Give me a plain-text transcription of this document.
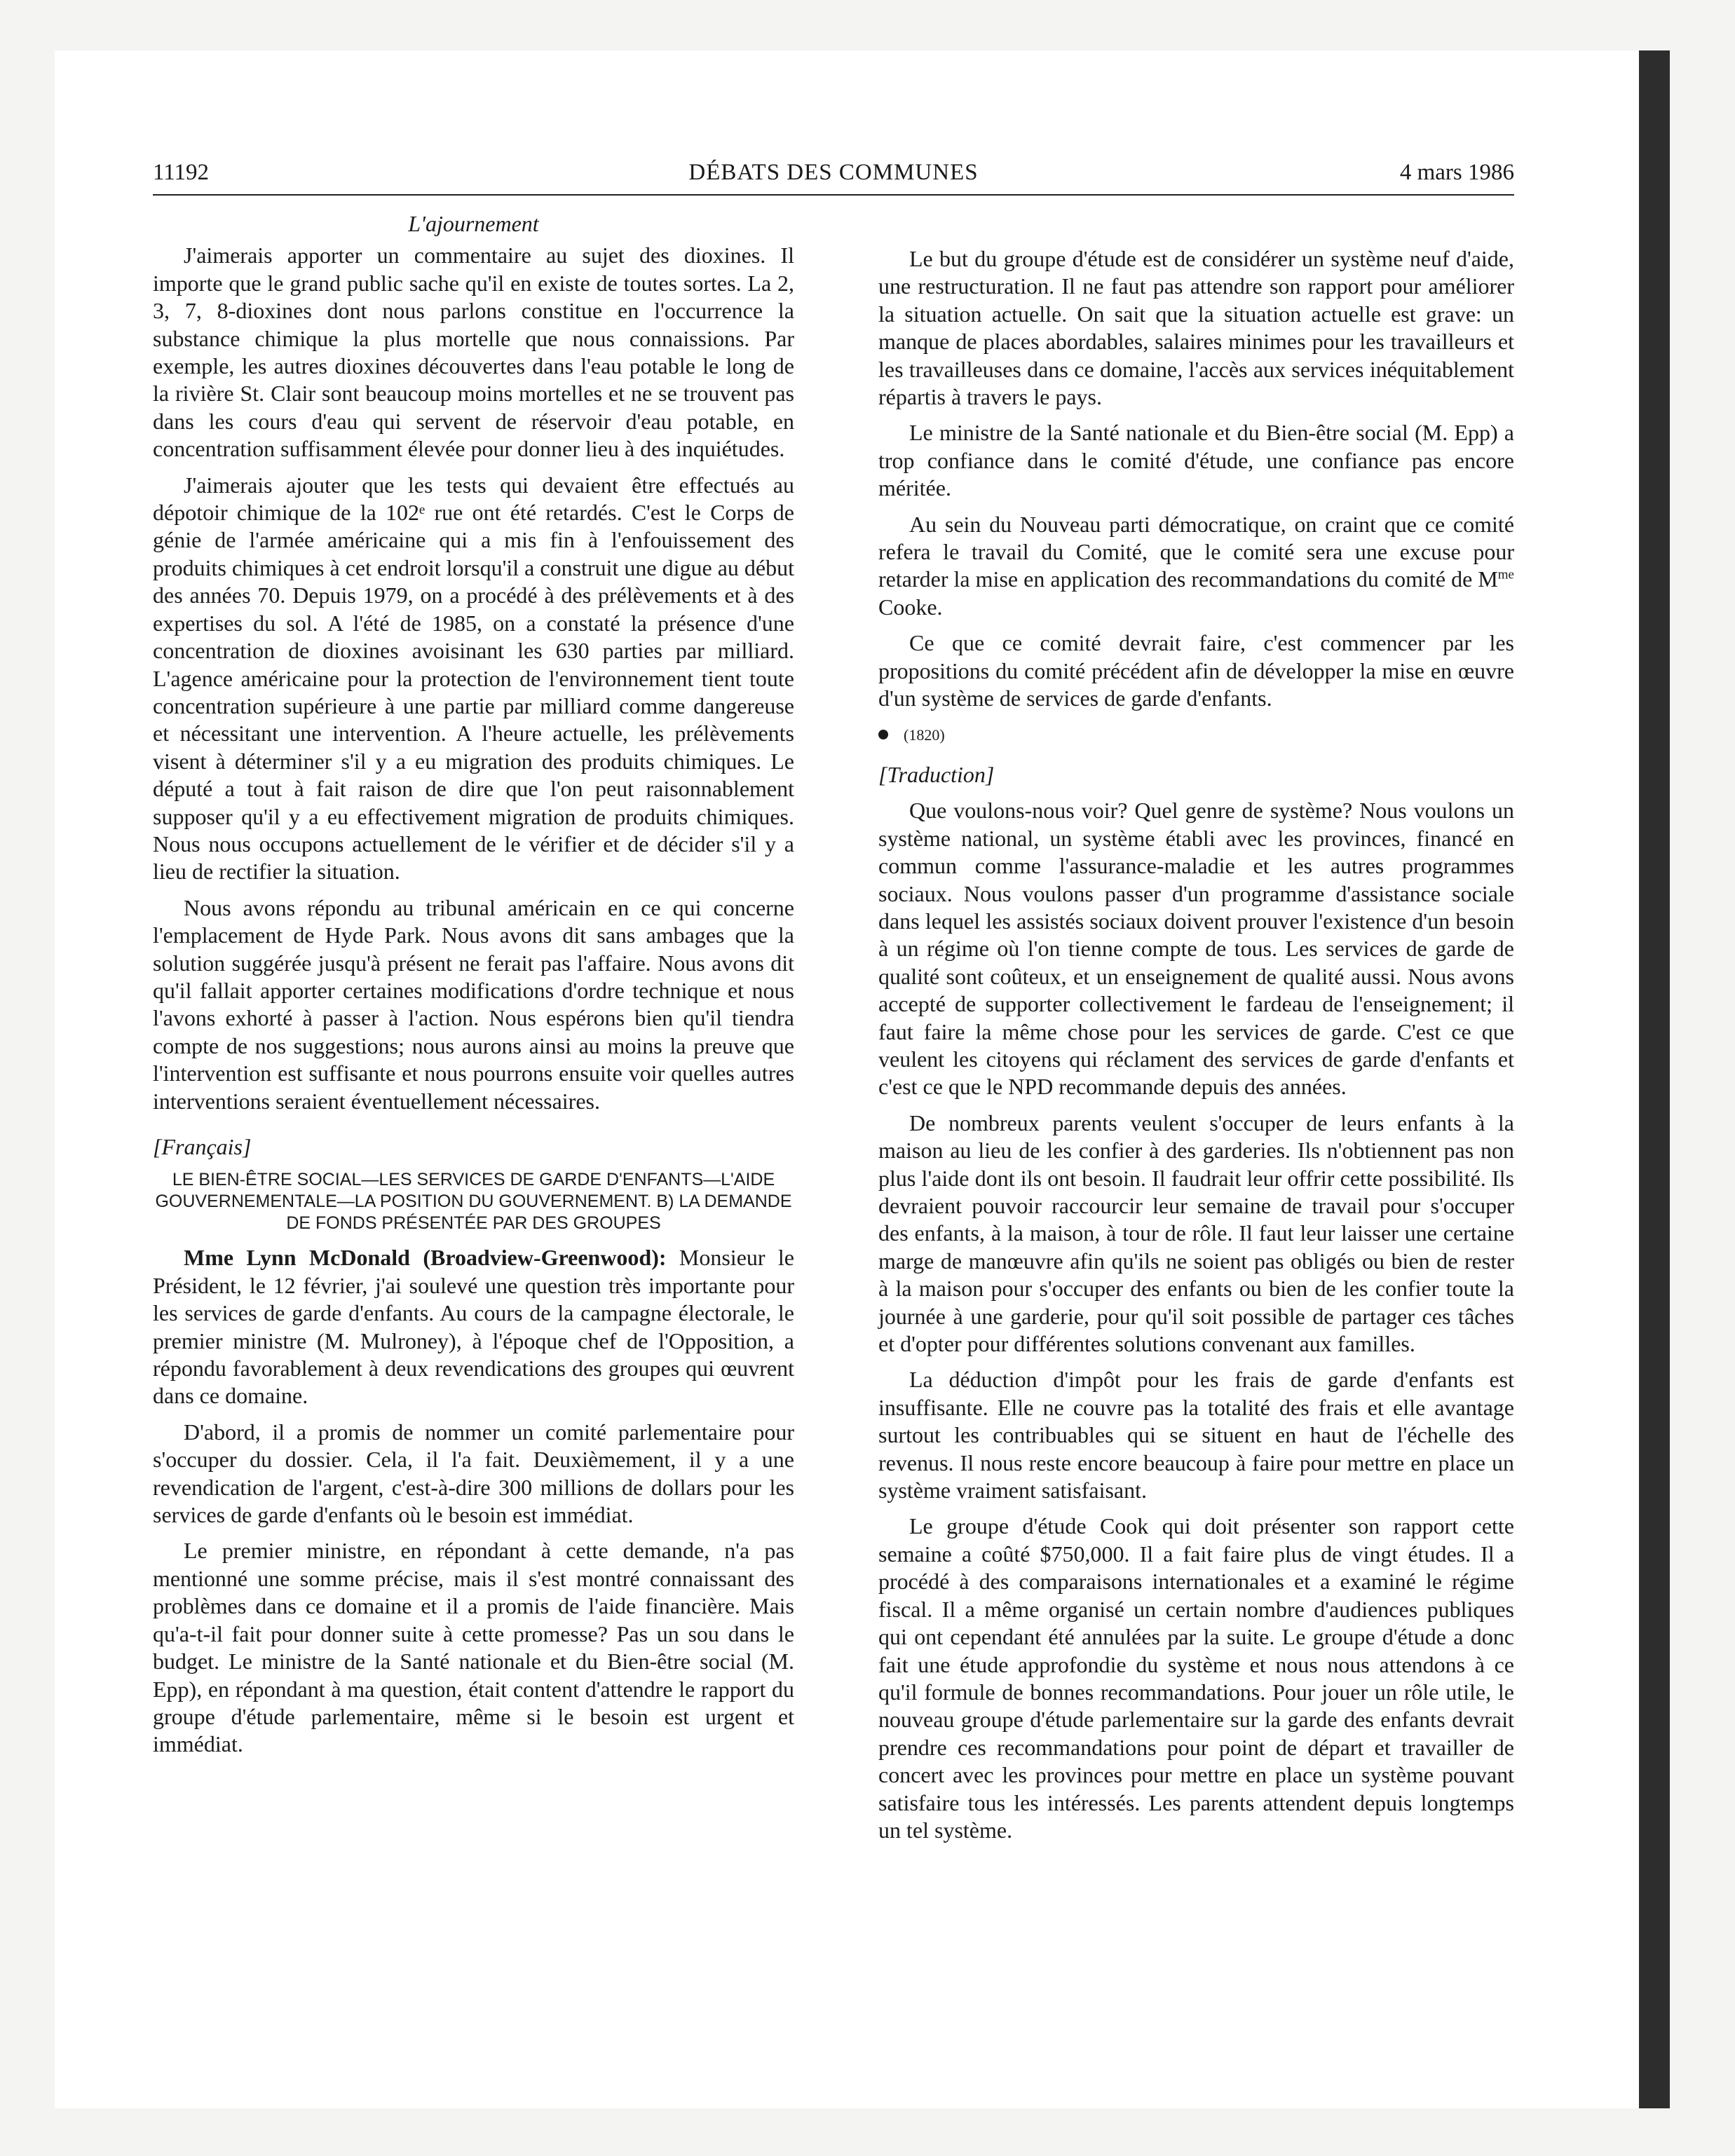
11192	DÉBATS DES COMMUNES	4 mars 1986
L'ajournement

J'aimerais apporter un commentaire au sujet des dioxines. Il importe que le grand public sache qu'il en existe de toutes sortes. La 2, 3, 7, 8-dioxines dont nous parlons constitue en l'occurrence la substance chimique la plus mortelle que nous connaissions. Par exemple, les autres dioxines découvertes dans l'eau potable le long de la rivière St. Clair sont beaucoup moins mortelles et ne se trouvent pas dans les cours d'eau qui servent de réservoir d'eau potable, en concentration suffisamment élevée pour donner lieu à des inquiétudes.

J'aimerais ajouter que les tests qui devaient être effectués au dépotoir chimique de la 102ᵉ rue ont été retardés. C'est le Corps de génie de l'armée américaine qui a mis fin à l'enfouissement des produits chimiques à cet endroit lorsqu'il a construit une digue au début des années 70. Depuis 1979, on a procédé à des prélèvements et à des expertises du sol. A l'été de 1985, on a constaté la présence d'une concentration de dioxines avoisinant les 630 parties par milliard. L'agence américaine pour la protection de l'environnement tient toute concentration supérieure à une partie par milliard comme dangereuse et nécessitant une intervention. A l'heure actuelle, les prélèvements visent à déterminer s'il y a eu migration des produits chimiques. Le député a tout à fait raison de dire que l'on peut raisonnablement supposer qu'il y a eu effectivement migration de produits chimiques. Nous nous occupons actuellement de le vérifier et de décider s'il y a lieu de rectifier la situation.

Nous avons répondu au tribunal américain en ce qui concerne l'emplacement de Hyde Park. Nous avons dit sans ambages que la solution suggérée jusqu'à présent ne ferait pas l'affaire. Nous avons dit qu'il fallait apporter certaines modifications d'ordre technique et nous l'avons exhorté à passer à l'action. Nous espérons bien qu'il tiendra compte de nos suggestions; nous aurons ainsi au moins la preuve que l'intervention est suffisante et nous pourrons ensuite voir quelles autres interventions seraient éventuellement nécessaires.

[Français]
LE BIEN-ÊTRE SOCIAL—LES SERVICES DE GARDE D'ENFANTS—L'AIDE GOUVERNEMENTALE—LA POSITION DU GOUVERNEMENT. B) LA DEMANDE DE FONDS PRÉSENTÉE PAR DES GROUPES

Mme Lynn McDonald (Broadview-Greenwood): Monsieur le Président, le 12 février, j'ai soulevé une question très importante pour les services de garde d'enfants. Au cours de la campagne électorale, le premier ministre (M. Mulroney), à l'époque chef de l'Opposition, a répondu favorablement à deux revendications des groupes qui œuvrent dans ce domaine.

D'abord, il a promis de nommer un comité parlementaire pour s'occuper du dossier. Cela, il l'a fait. Deuxièmement, il y a une revendication de l'argent, c'est-à-dire 300 millions de dollars pour les services de garde d'enfants où le besoin est immédiat.

Le premier ministre, en répondant à cette demande, n'a pas mentionné une somme précise, mais il s'est montré connaissant des problèmes dans ce domaine et il a promis de l'aide financière. Mais qu'a-t-il fait pour donner suite à cette promesse? Pas un sou dans le budget. Le ministre de la Santé nationale et du Bien-être social (M. Epp), en répondant à ma question, était content d'attendre le rapport du groupe d'étude parlementaire, même si le besoin est urgent et immédiat.

Le but du groupe d'étude est de considérer un système neuf d'aide, une restructuration. Il ne faut pas attendre son rapport pour améliorer la situation actuelle. On sait que la situation actuelle est grave: un manque de places abordables, salaires minimes pour les travailleurs et les travailleuses dans ce domaine, l'accès aux services inéquitablement répartis à travers le pays.

Le ministre de la Santé nationale et du Bien-être social (M. Epp) a trop confiance dans le comité d'étude, une confiance pas encore méritée.

Au sein du Nouveau parti démocratique, on craint que ce comité refera le travail du Comité, que le comité sera une excuse pour retarder la mise en application des recommandations du comité de $M^{me}$ Cooke.

Ce que ce comité devrait faire, c'est commencer par les propositions du comité précédent afin de développer la mise en œuvre d'un système de services de garde d'enfants.

(1820)
[Traduction]

Que voulons-nous voir? Quel genre de système? Nous voulons un système national, un système établi avec les provinces, financé en commun comme l'assurance-maladie et les autres programmes sociaux. Nous voulons passer d'un programme d'assistance sociale dans lequel les assistés sociaux doivent prouver l'existence d'un besoin à un régime où l'on tienne compte de tous. Les services de garde de qualité sont coûteux, et un enseignement de qualité aussi. Nous avons accepté de supporter collectivement le fardeau de l'enseignement; il faut faire la même chose pour les services de garde. C'est ce que veulent les citoyens qui réclament des services de garde d'enfants et c'est ce que le NPD recommande depuis des années.

De nombreux parents veulent s'occuper de leurs enfants à la maison au lieu de les confier à des garderies. Ils n'obtiennent pas non plus l'aide dont ils ont besoin. Il faudrait leur offrir cette possibilité. Ils devraient pouvoir raccourcir leur semaine de travail pour s'occuper des enfants, à la maison, à tour de rôle. Il faut leur laisser une certaine marge de manœuvre afin qu'ils ne soient pas obligés ou bien de rester à la maison pour s'occuper des enfants ou bien de les confier toute la journée à une garderie, pour qu'il soit possible de partager ces tâches et d'opter pour différentes solutions convenant aux familles.

La déduction d'impôt pour les frais de garde d'enfants est insuffisante. Elle ne couvre pas la totalité des frais et elle avantage surtout les contribuables qui se situent en haut de l'échelle des revenus. Il nous reste encore beaucoup à faire pour mettre en place un système vraiment satisfaisant.

Le groupe d'étude Cook qui doit présenter son rapport cette semaine a coûté $750,000. Il a fait faire plus de vingt études. Il a procédé à des comparaisons internationales et a examiné le régime fiscal. Il a même organisé un certain nombre d'audiences publiques qui ont cependant été annulées par la suite. Le groupe d'étude a donc fait une étude approfondie du système et nous nous attendons à ce qu'il formule de bonnes recommandations. Pour jouer un rôle utile, le nouveau groupe d'étude parlementaire sur la garde des enfants devrait prendre ces recommandations pour point de départ et travailler de concert avec les provinces pour mettre en place un système pouvant satisfaire tous les intéressés. Les parents attendent depuis longtemps un tel système.
